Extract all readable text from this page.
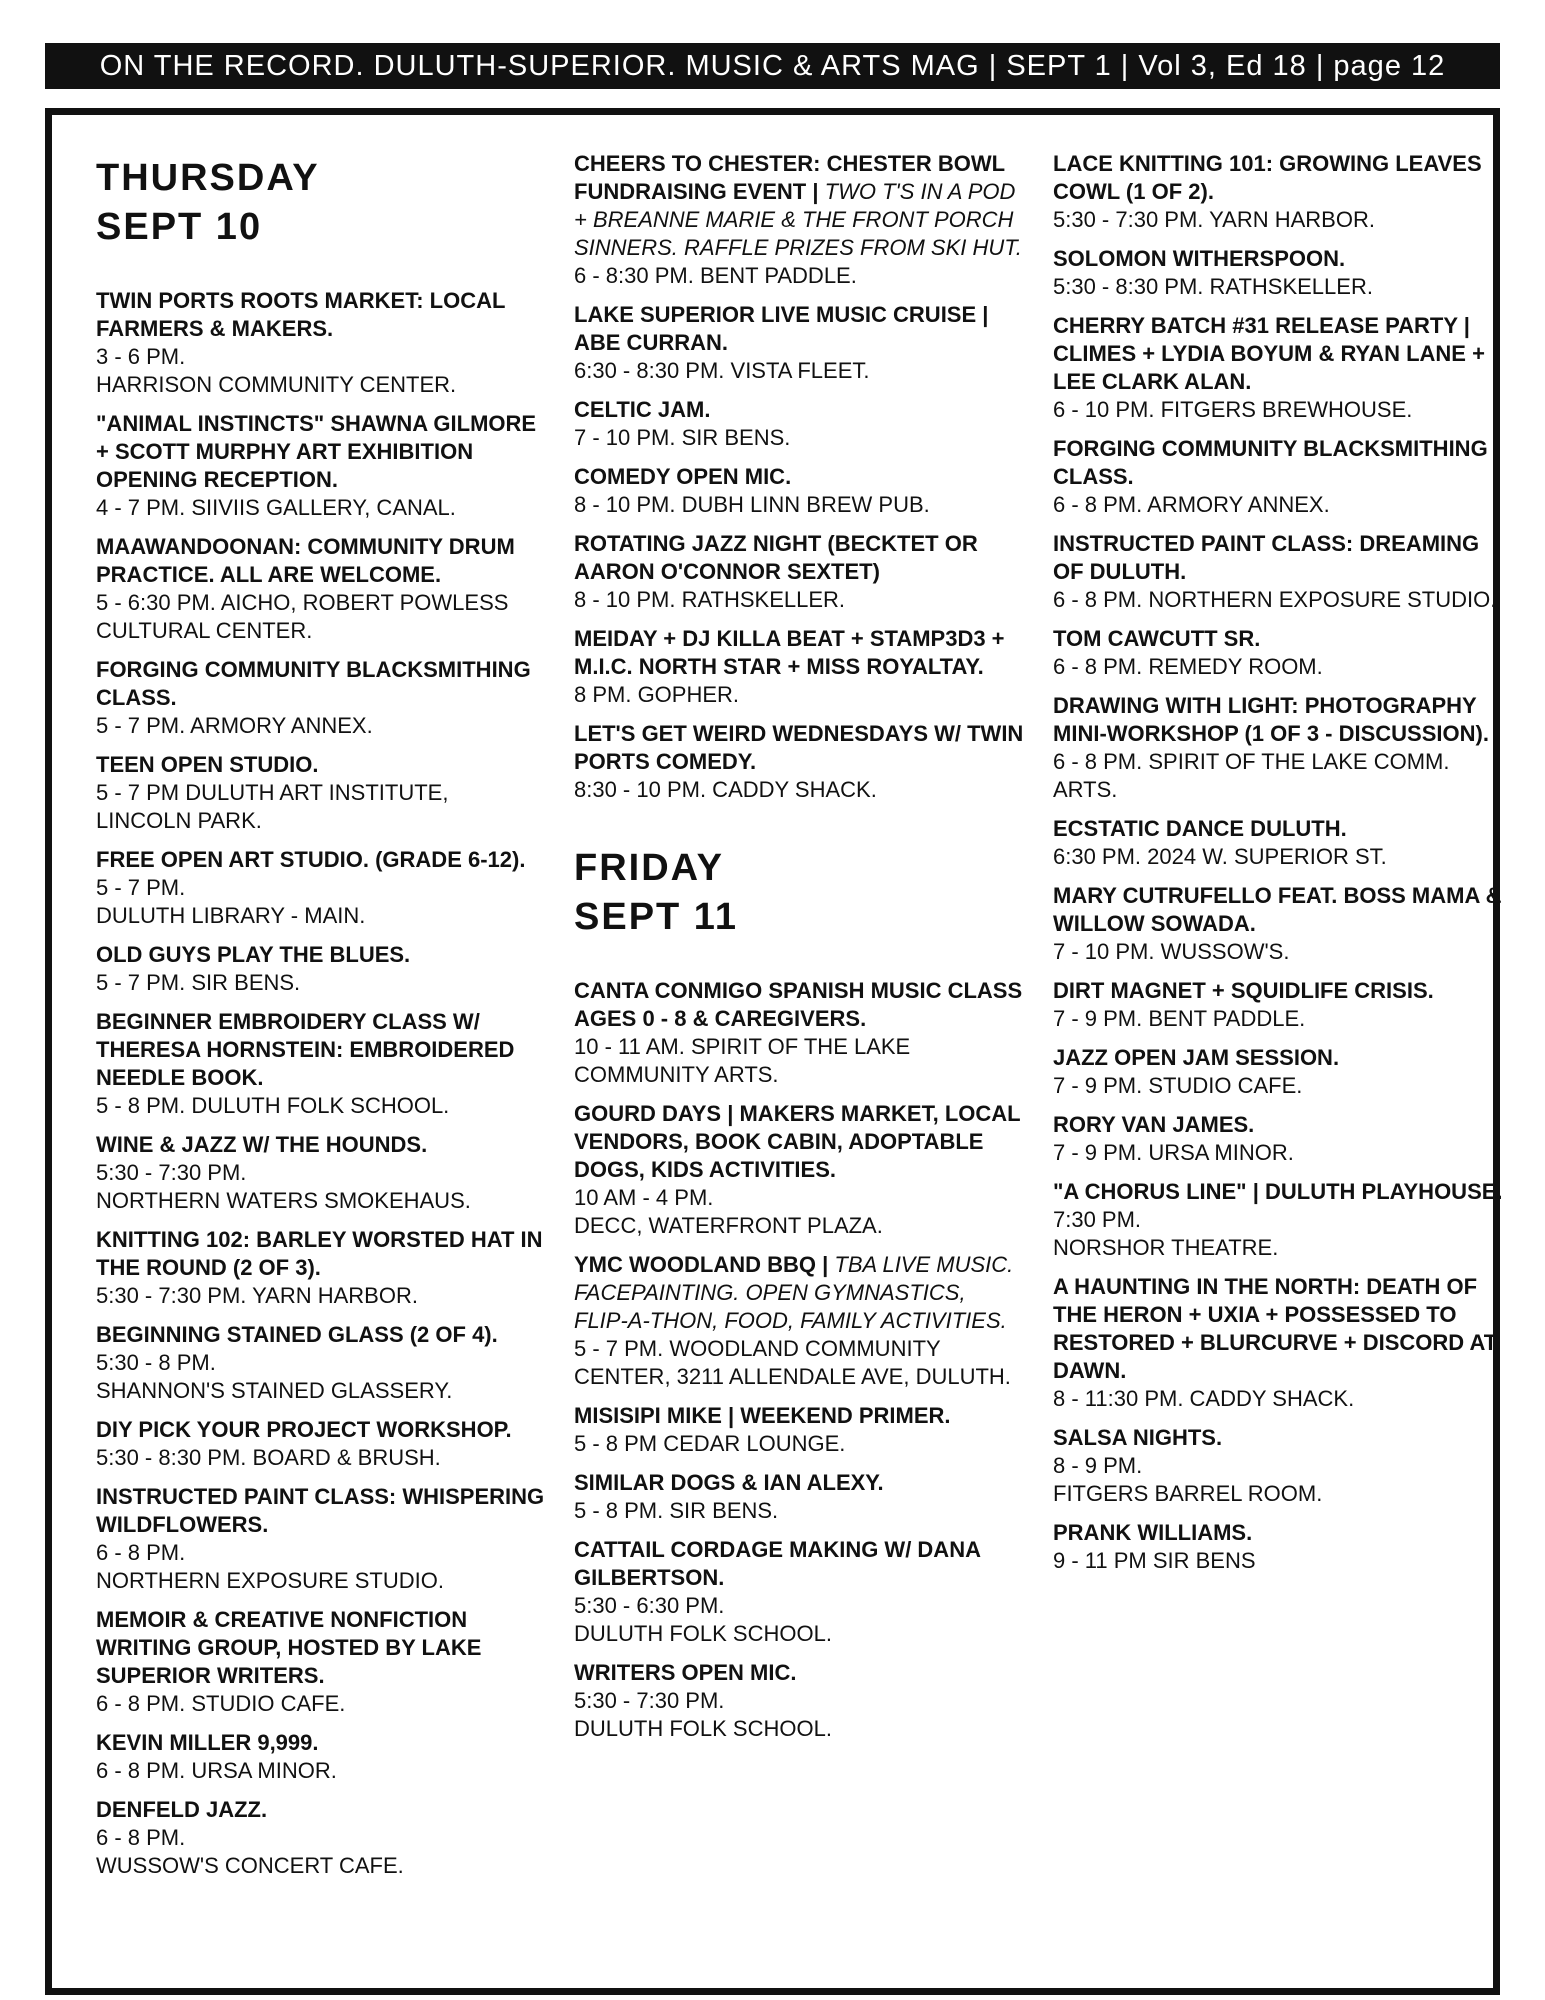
ON THE RECORD. DULUTH-SUPERIOR. MUSIC & ARTS MAG | SEPT 1 | Vol 3, Ed 18 | page 12
THURSDAY
SEPT 10
TWIN PORTS ROOTS MARKET: LOCAL FARMERS & MAKERS.
3 - 6 PM.
HARRISON COMMUNITY CENTER.
"ANIMAL INSTINCTS" SHAWNA GILMORE + SCOTT MURPHY ART EXHIBITION OPENING RECEPTION.
4 - 7 PM. SIIVIIS GALLERY, CANAL.
MAAWANDOONAN: COMMUNITY DRUM PRACTICE. ALL ARE WELCOME.
5 - 6:30 PM. AICHO, ROBERT POWLESS CULTURAL CENTER.
FORGING COMMUNITY BLACKSMITHING CLASS.
5 - 7 PM. ARMORY ANNEX.
TEEN OPEN STUDIO.
5 - 7 PM DULUTH ART INSTITUTE, LINCOLN PARK.
FREE OPEN ART STUDIO. (GRADE 6-12).
5 - 7 PM.
DULUTH LIBRARY - MAIN.
OLD GUYS PLAY THE BLUES.
5 - 7 PM. SIR BENS.
BEGINNER EMBROIDERY CLASS W/ THERESA HORNSTEIN: EMBROIDERED NEEDLE BOOK.
5 - 8 PM. DULUTH FOLK SCHOOL.
WINE & JAZZ W/ THE HOUNDS.
5:30 - 7:30 PM.
NORTHERN WATERS SMOKEHAUS.
KNITTING 102: BARLEY WORSTED HAT IN THE ROUND (2 OF 3).
5:30 - 7:30 PM. YARN HARBOR.
BEGINNING STAINED GLASS (2 OF 4).
5:30 - 8 PM.
SHANNON'S STAINED GLASSERY.
DIY PICK YOUR PROJECT WORKSHOP.
5:30 - 8:30 PM. BOARD & BRUSH.
INSTRUCTED PAINT CLASS: WHISPERING WILDFLOWERS.
6 - 8 PM.
NORTHERN EXPOSURE STUDIO.
MEMOIR & CREATIVE NONFICTION WRITING GROUP, HOSTED BY LAKE SUPERIOR WRITERS.
6 - 8 PM. STUDIO CAFE.
KEVIN MILLER 9,999.
6 - 8 PM. URSA MINOR.
DENFELD JAZZ.
6 - 8 PM.
WUSSOW'S CONCERT CAFE.
CHEERS TO CHESTER: CHESTER BOWL FUNDRAISING EVENT | TWO T'S IN A POD + BREANNE MARIE & THE FRONT PORCH SINNERS. RAFFLE PRIZES FROM SKI HUT.
6 - 8:30 PM. BENT PADDLE.
LAKE SUPERIOR LIVE MUSIC CRUISE | ABE CURRAN.
6:30 - 8:30 PM. VISTA FLEET.
CELTIC JAM.
7 - 10 PM. SIR BENS.
COMEDY OPEN MIC.
8 - 10 PM. DUBH LINN BREW PUB.
ROTATING JAZZ NIGHT (BECKTET OR AARON O'CONNOR SEXTET)
8 - 10 PM. RATHSKELLER.
MEIDAY + DJ KILLA BEAT + STAMP3D3 + M.I.C. NORTH STAR + MISS ROYALTAY.
8 PM. GOPHER.
LET'S GET WEIRD WEDNESDAYS W/ TWIN PORTS COMEDY.
8:30 - 10 PM. CADDY SHACK.
FRIDAY
SEPT 11
CANTA CONMIGO SPANISH MUSIC CLASS AGES 0 - 8 & CAREGIVERS.
10 - 11 AM. SPIRIT OF THE LAKE COMMUNITY ARTS.
GOURD DAYS | MAKERS MARKET, LOCAL VENDORS, BOOK CABIN, ADOPTABLE DOGS, KIDS ACTIVITIES.
10 AM - 4 PM.
DECC, WATERFRONT PLAZA.
YMC WOODLAND BBQ | TBA LIVE MUSIC. FACEPAINTING. OPEN GYMNASTICS, FLIP-A-THON, FOOD, FAMILY ACTIVITIES.
5 - 7 PM. WOODLAND COMMUNITY CENTER, 3211 ALLENDALE AVE, DULUTH.
MISISIPI MIKE | WEEKEND PRIMER.
5 - 8 PM CEDAR LOUNGE.
SIMILAR DOGS & IAN ALEXY.
5 - 8 PM. SIR BENS.
CATTAIL CORDAGE MAKING W/ DANA GILBERTSON.
5:30 - 6:30 PM.
DULUTH FOLK SCHOOL.
WRITERS OPEN MIC.
5:30 - 7:30 PM.
DULUTH FOLK SCHOOL.
LACE KNITTING 101: GROWING LEAVES COWL (1 OF 2).
5:30 - 7:30 PM. YARN HARBOR.
SOLOMON WITHERSPOON.
5:30 - 8:30 PM. RATHSKELLER.
CHERRY BATCH #31 RELEASE PARTY | CLIMES + LYDIA BOYUM & RYAN LANE + LEE CLARK ALAN.
6 - 10 PM. FITGERS BREWHOUSE.
FORGING COMMUNITY BLACKSMITHING CLASS.
6 - 8 PM. ARMORY ANNEX.
INSTRUCTED PAINT CLASS: DREAMING OF DULUTH.
6 - 8 PM. NORTHERN EXPOSURE STUDIO.
TOM CAWCUTT SR.
6 - 8 PM. REMEDY ROOM.
DRAWING WITH LIGHT: PHOTOGRAPHY MINI-WORKSHOP (1 OF 3 - DISCUSSION).
6 - 8 PM. SPIRIT OF THE LAKE COMM. ARTS.
ECSTATIC DANCE DULUTH.
6:30 PM. 2024 W. SUPERIOR ST.
MARY CUTRUFELLO FEAT. BOSS MAMA & WILLOW SOWADA.
7 - 10 PM. WUSSOW'S.
DIRT MAGNET + SQUIDLIFE CRISIS.
7 - 9 PM. BENT PADDLE.
JAZZ OPEN JAM SESSION.
7 - 9 PM. STUDIO CAFE.
RORY VAN JAMES.
7 - 9 PM. URSA MINOR.
"A CHORUS LINE" | DULUTH PLAYHOUSE.
7:30 PM.
NORSHOR THEATRE.
A HAUNTING IN THE NORTH: DEATH OF THE HERON + UXIA + POSSESSED TO RESTORED + BLURCURVE + DISCORD AT DAWN.
8 - 11:30 PM. CADDY SHACK.
SALSA NIGHTS.
8 - 9 PM.
FITGERS BARREL ROOM.
PRANK WILLIAMS.
9 - 11 PM SIR BENS
